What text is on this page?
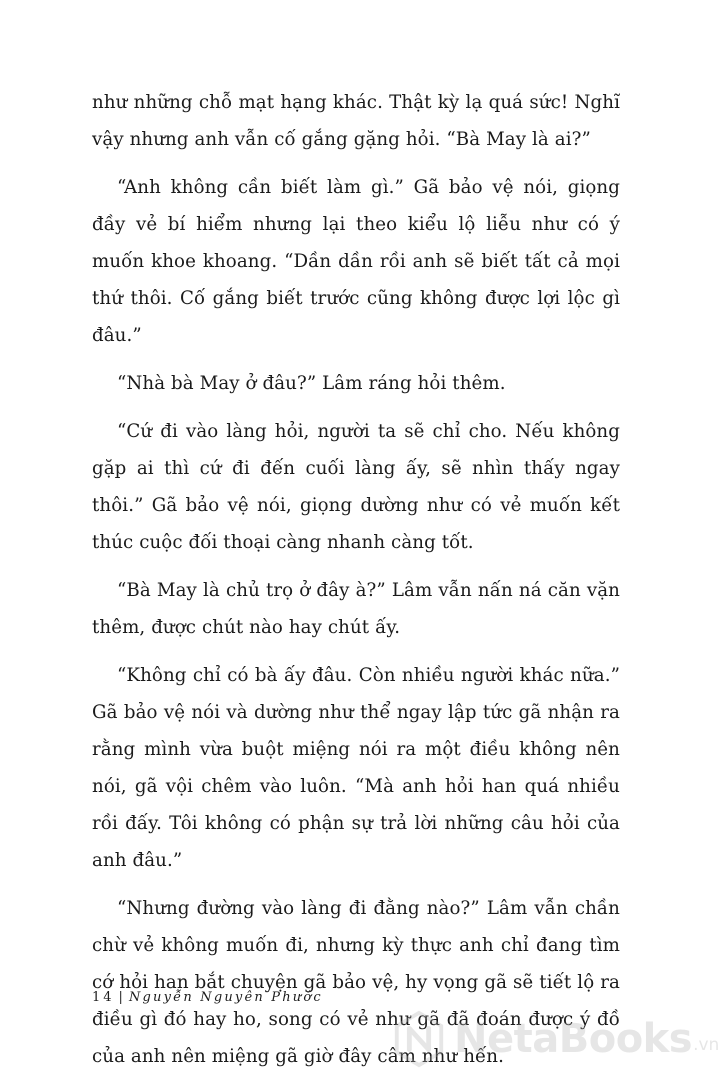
như những chỗ mạt hạng khác. Thật kỳ lạ quá sức! Nghĩ vậy nhưng anh vẫn cố gắng gặng hỏi. “Bà May là ai?”

“Anh không cần biết làm gì.” Gã bảo vệ nói, giọng đầy vẻ bí hiểm nhưng lại theo kiểu lộ liễu như có ý muốn khoe khoang. “Dần dần rồi anh sẽ biết tất cả mọi thứ thôi. Cố gắng biết trước cũng không được lợi lộc gì đâu.”

“Nhà bà May ở đâu?” Lâm ráng hỏi thêm.

“Cứ đi vào làng hỏi, người ta sẽ chỉ cho. Nếu không gặp ai thì cứ đi đến cuối làng ấy, sẽ nhìn thấy ngay thôi.” Gã bảo vệ nói, giọng dường như có vẻ muốn kết thúc cuộc đối thoại càng nhanh càng tốt.

“Bà May là chủ trọ ở đây à?” Lâm vẫn nấn ná căn vặn thêm, được chút nào hay chút ấy.

“Không chỉ có bà ấy đâu. Còn nhiều người khác nữa.” Gã bảo vệ nói và dường như thể ngay lập tức gã nhận ra rằng mình vừa buột miệng nói ra một điều không nên nói, gã vội chêm vào luôn. “Mà anh hỏi han quá nhiều rồi đấy. Tôi không có phận sự trả lời những câu hỏi của anh đâu.”

“Nhưng đường vào làng đi đằng nào?” Lâm vẫn chần chừ vẻ không muốn đi, nhưng kỳ thực anh chỉ đang tìm cớ hỏi han bắt chuyện gã bảo vệ, hy vọng gã sẽ tiết lộ ra điều gì đó hay ho, song có vẻ như gã đã đoán được ý đồ của anh nên miệng gã giờ đây câm như hến.

14 | Nguyễn Nguyên Phước
NetaBooks .vn
